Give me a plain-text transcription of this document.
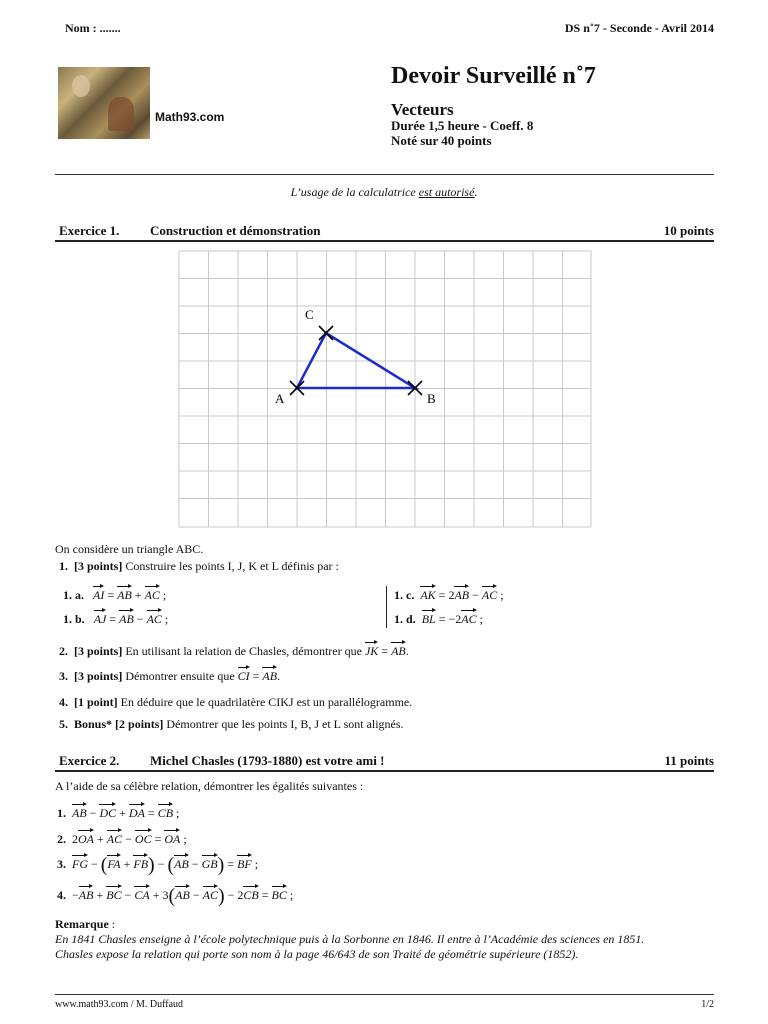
Nom : .......	DS n˚7 - Seconde - Avril 2014
Math93.com
Devoir Surveillé n˚7
Vecteurs
Durée 1,5 heure - Coeff. 8
Noté sur 40 points
L’usage de la calculatrice est autorisé.
Exercice 1. Construction et démonstration	10 points
A	B
C
On considère un triangle ABC.
1. [3 points] Construire les points I, J, K et L définis par :
1. a. AI = AB + AC ;
1. b. AJ = AB − AC ;
1. c. AK = 2AB − AC ;
1. d. BL = −2AC ;
2. [3 points] En utilisant la relation de Chasles, démontrer que JK = AB.
3. [3 points] Démontrer ensuite que CI = AB.
4. [1 point] En déduire que le quadrilatère CIKJ est un parallélogramme.
5. Bonus* [2 points] Démontrer que les points I, B, J et L sont alignés.
Exercice 2. Michel Chasles (1793-1880) est votre ami !	11 points
A l’aide de sa célèbre relation, démontrer les égalités suivantes :
1. AB − DC + DA = CB ;
2.  2OA + AC − OC = OA ;
3. FG − (FA + FB) − (AB − GB) = BF ;
4.  −AB + BC − CA + 3(AB − AC) − 2CB = BC ;
Remarque :
En 1841 Chasles enseigne à l’école polytechnique puis à la Sorbonne en 1846. Il entre à l’Académie des sciences en 1851.
Chasles expose la relation qui porte son nom à la page 46/643 de son Traité de géométrie supérieure (1852).
www.math93.com / M. Duffaud	1/2
